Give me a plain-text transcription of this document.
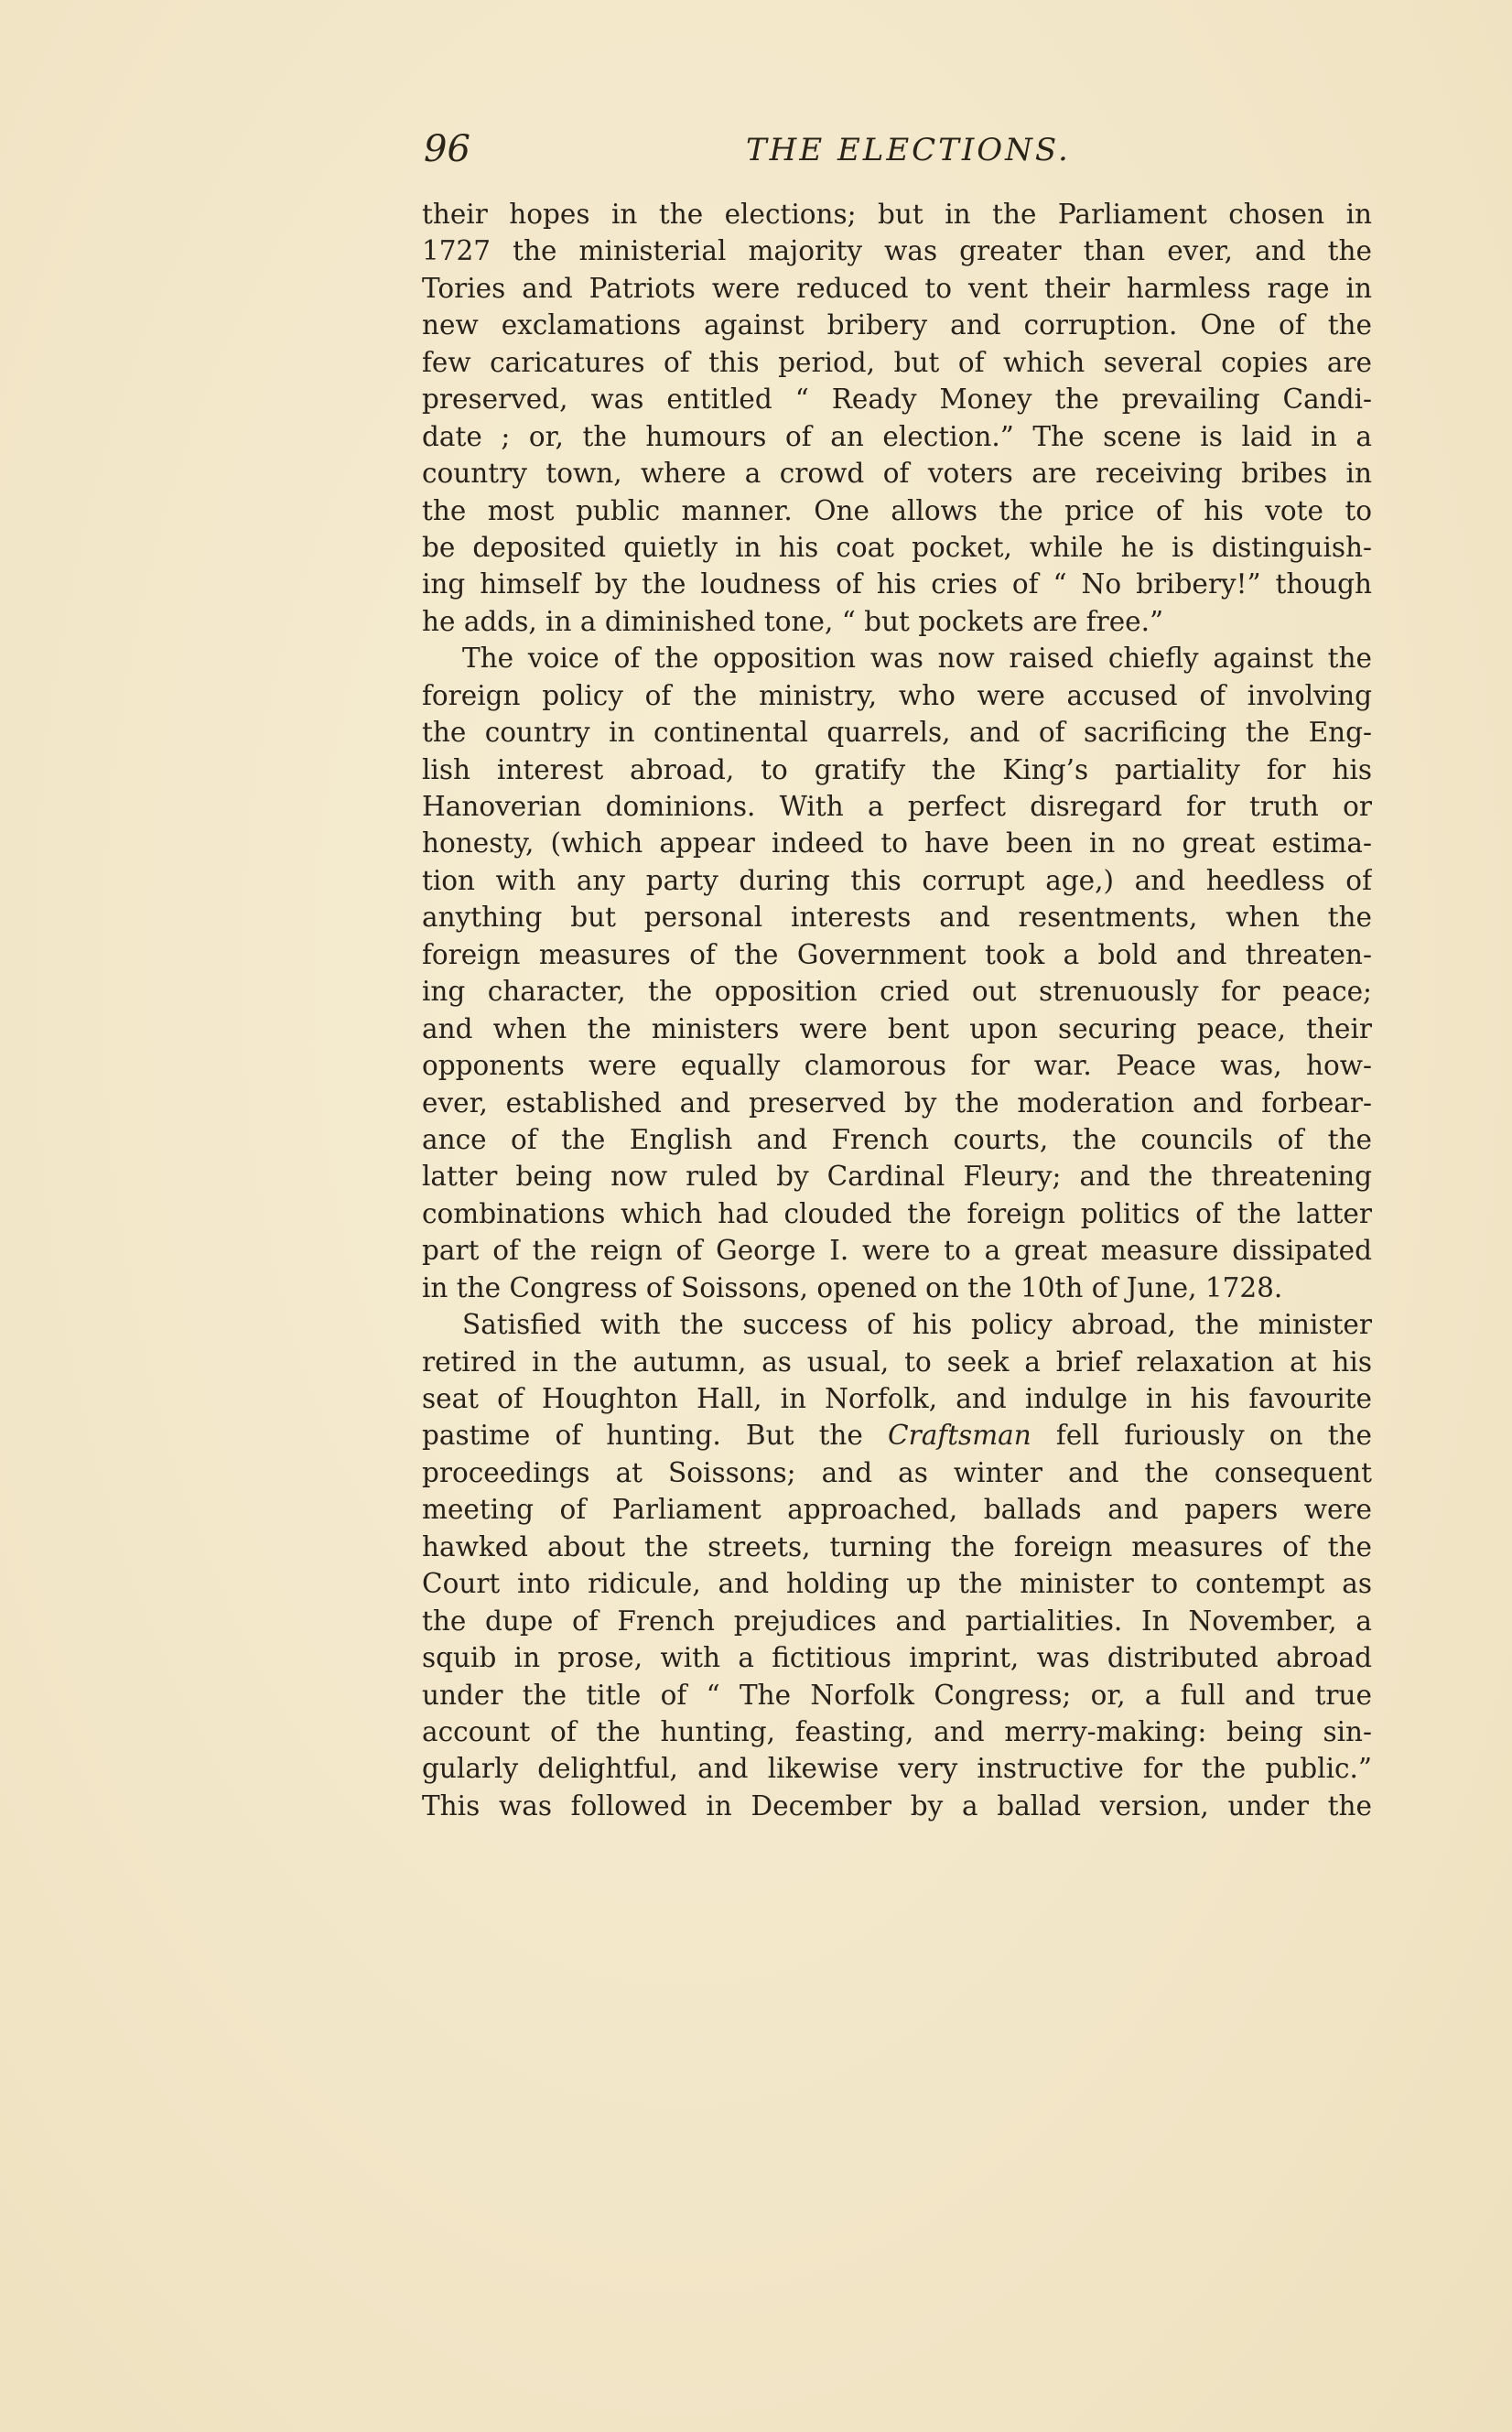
96	THE ELECTIONS.
their hopes in the elections; but in the Parliament chosen in
1727 the ministerial majority was greater than ever, and the
Tories and Patriots were reduced to vent their harmless rage in
new exclamations against bribery and corruption. One of the
few caricatures of this period, but of which several copies are
preserved, was entitled “ Ready Money the prevailing Candi-
date ; or, the humours of an election.” The scene is laid in a
country town, where a crowd of voters are receiving bribes in
the most public manner. One allows the price of his vote to
be deposited quietly in his coat pocket, while he is distinguish-
ing himself by the loudness of his cries of “ No bribery!” though
he adds, in a diminished tone, “ but pockets are free.”
The voice of the opposition was now raised chiefly against the
foreign policy of the ministry, who were accused of involving
the country in continental quarrels, and of sacrificing the Eng-
lish interest abroad, to gratify the King’s partiality for his
Hanoverian dominions. With a perfect disregard for truth or
honesty, (which appear indeed to have been in no great estima-
tion with any party during this corrupt age,) and heedless of
anything but personal interests and resentments, when the
foreign measures of the Government took a bold and threaten-
ing character, the opposition cried out strenuously for peace;
and when the ministers were bent upon securing peace, their
opponents were equally clamorous for war. Peace was, how-
ever, established and preserved by the moderation and forbear-
ance of the English and French courts, the councils of the
latter being now ruled by Cardinal Fleury; and the threatening
combinations which had clouded the foreign politics of the latter
part of the reign of George I. were to a great measure dissipated
in the Congress of Soissons, opened on the 10th of June, 1728.
Satisfied with the success of his policy abroad, the minister
retired in the autumn, as usual, to seek a brief relaxation at his
seat of Houghton Hall, in Norfolk, and indulge in his favourite
pastime of hunting. But the Craftsman fell furiously on the
proceedings at Soissons; and as winter and the consequent
meeting of Parliament approached, ballads and papers were
hawked about the streets, turning the foreign measures of the
Court into ridicule, and holding up the minister to contempt as
the dupe of French prejudices and partialities. In November, a
squib in prose, with a fictitious imprint, was distributed abroad
under the title of “ The Norfolk Congress; or, a full and true
account of the hunting, feasting, and merry-making: being sin-
gularly delightful, and likewise very instructive for the public.”
This was followed in December by a ballad version, under the
